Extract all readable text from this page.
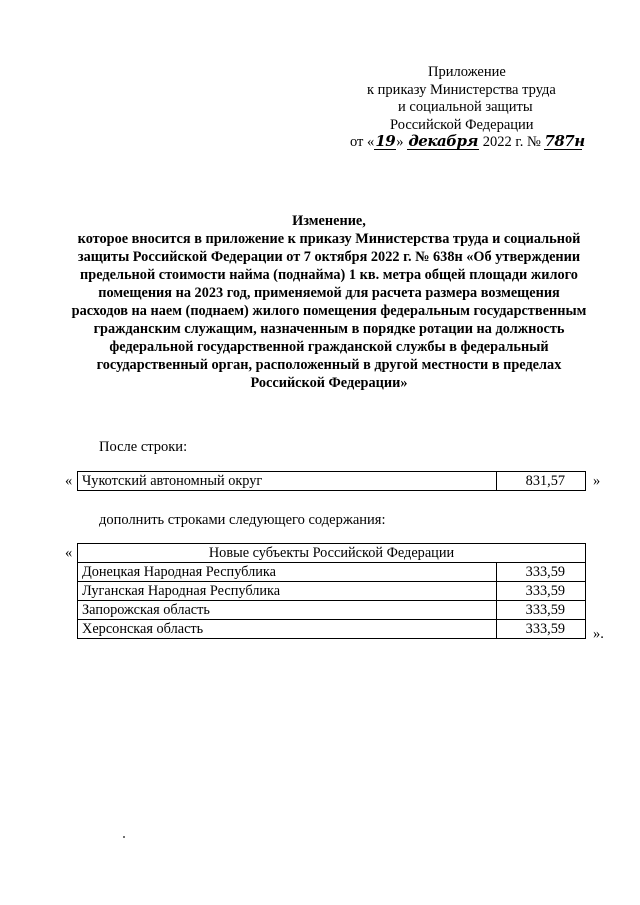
Приложение
к приказу Министерства труда
и социальной защиты
Российской Федерации
от «19» декабря 2022 г. № 787н

Изменение,

которое вносится в приложение к приказу Министерства труда и социальной

защиты Российской Федерации от 7 октября 2022 г. № 638н «Об утверждении

предельной стоимости найма (поднайма) 1 кв. метра общей площади жилого

помещения на 2023 год, применяемой для расчета размера возмещения

расходов на наем (поднаем) жилого помещения федеральным государственным

гражданским служащим, назначенным в порядке ротации на должность

федеральной государственной гражданской службы в федеральный

государственный орган, расположенный в другой местности в пределах

Российской Федерации»

После строки:
« Чукотский автономный округ	831,57 »
дополнить строками следующего содержания:
«	Новые субъекты Российской Федерации	
Донецкая Народная Республика	333,59
Луганская Народная Республика	333,59
Запорожская область	333,59
Херсонская область	333,59 ».
